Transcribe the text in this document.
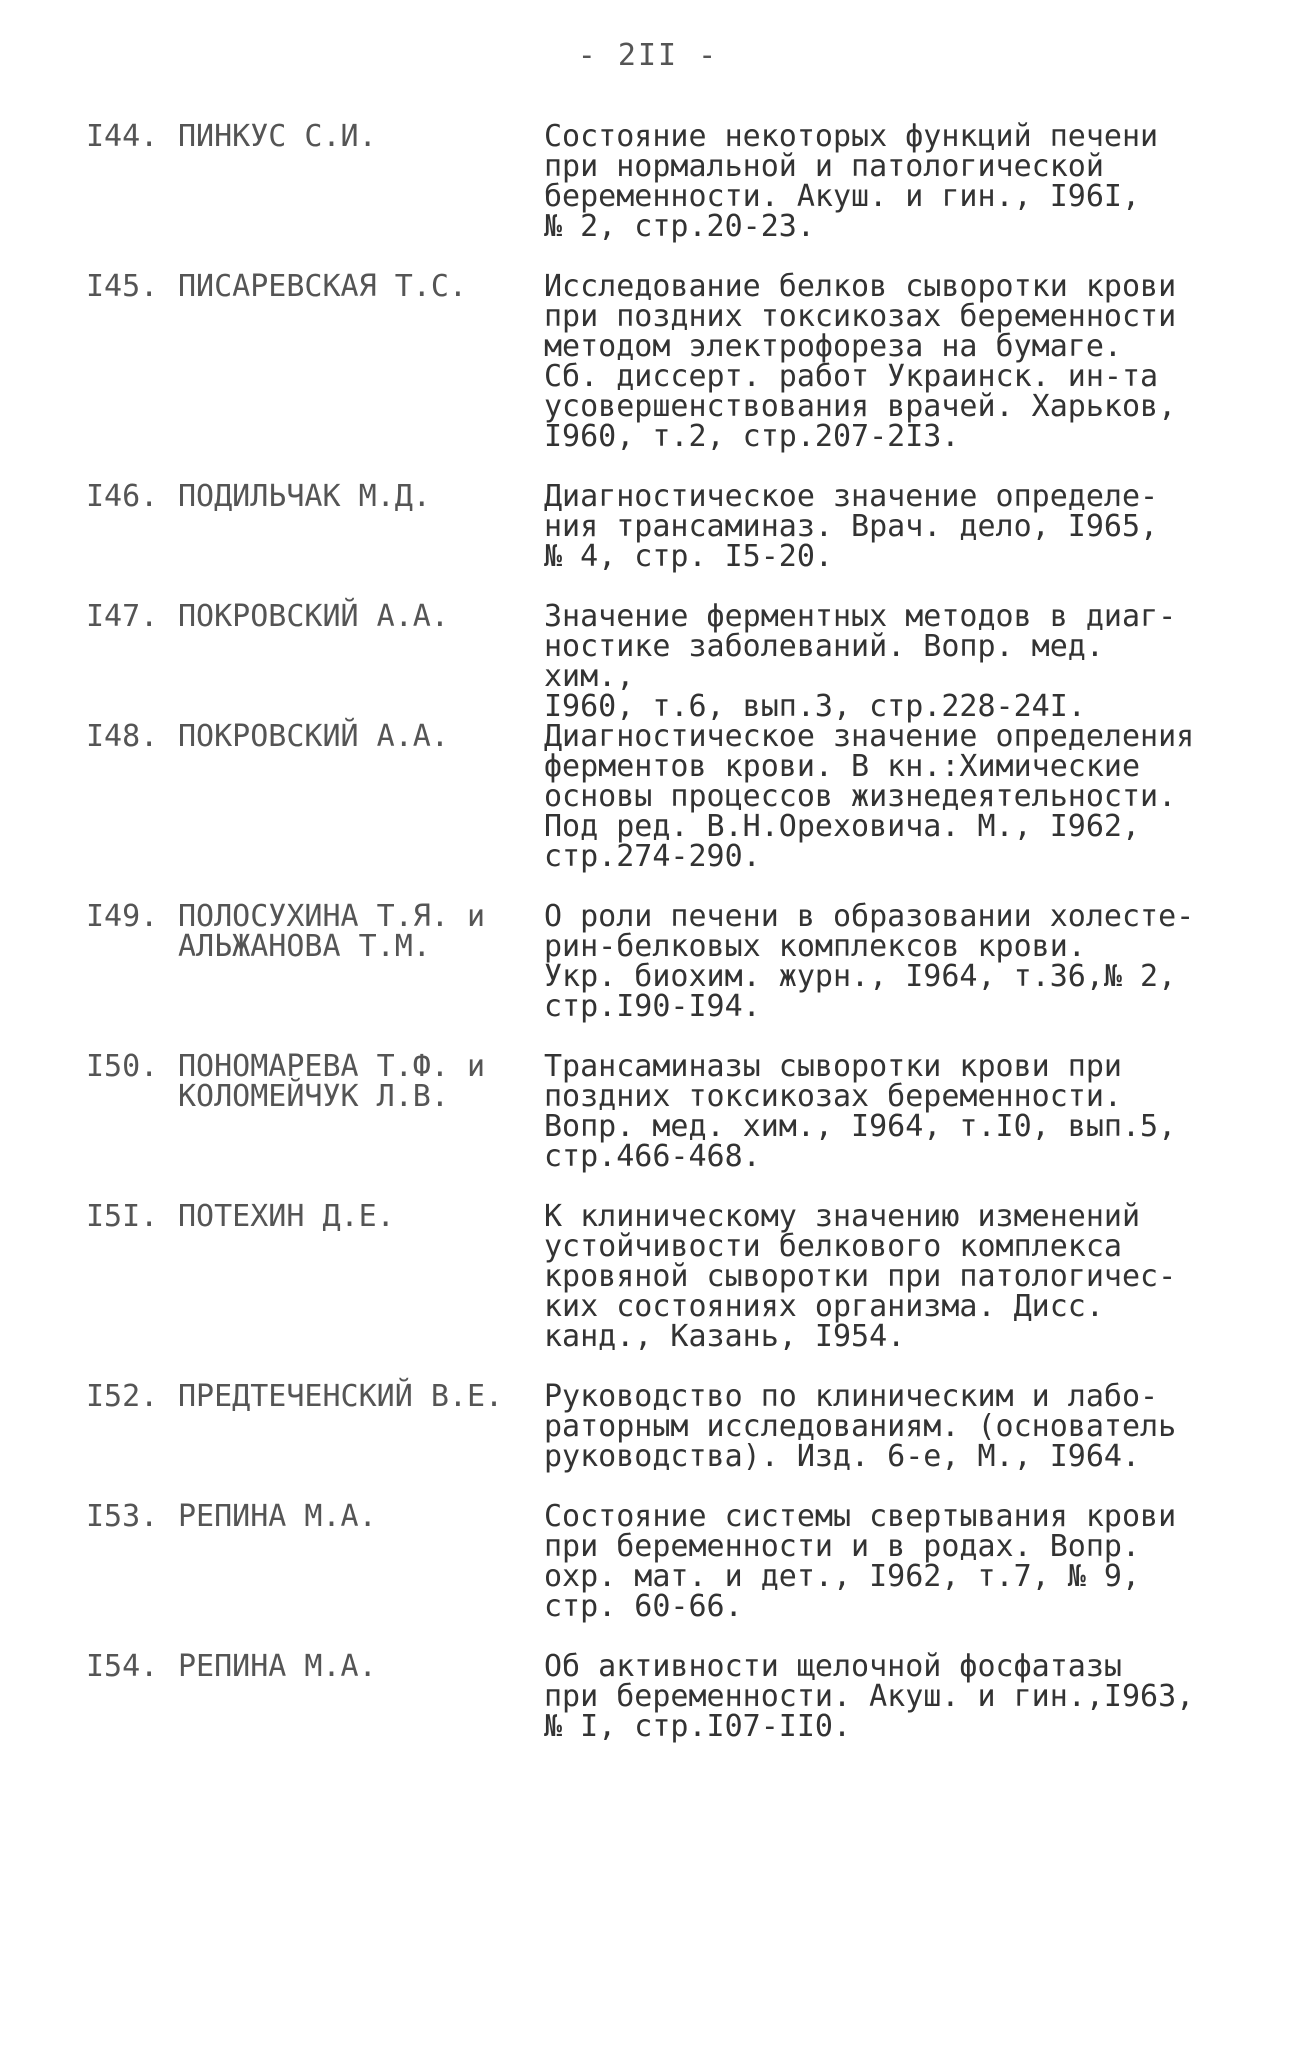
- 2II -
I44. ПИНКУС С.И.	Состояние некоторых функций печени
при нормальной и патологической
беременности. Акуш. и гин., I96I,
№ 2, стр.20-23.
I45. ПИСАРЕВСКАЯ Т.С.	Исследование белков сыворотки крови
при поздних токсикозах беременности
методом электрофореза на бумаге.
Сб. диссерт. работ Украинск. ин-та
усовершенствования врачей. Харьков,
I960, т.2, стр.207-2I3.
I46. ПОДИЛЬЧАК М.Д.	Диагностическое значение определе-
ния трансаминаз. Врач. дело, I965,
№ 4, стр. I5-20.
I47. ПОКРОВСКИЙ А.А.	Значение ферментных методов в диаг-
ностике заболеваний. Вопр. мед. хим.,
I960, т.6, вып.3, стр.228-24I.
I48. ПОКРОВСКИЙ А.А.	Диагностическое значение определения
ферментов крови. В кн.:Химические
основы процессов жизнедеятельности.
Под ред. В.Н.Ореховича. М., I962,
стр.274-290.
I49. ПОЛОСУХИНА Т.Я. и
АЛЬЖАНОВА Т.М.
О роли печени в образовании холесте-
рин-белковых комплексов крови.
Укр. биохим. журн., I964, т.36,№ 2,
стр.I90-I94.
I50. ПОНОМАРЕВА Т.Ф. и
КОЛОМЕЙЧУК Л.В.
Трансаминазы сыворотки крови при
поздних токсикозах беременности.
Вопр. мед. хим., I964, т.I0, вып.5,
стр.466-468.
I5I. ПОТЕХИН Д.Е.	К клиническому значению изменений
устойчивости белкового комплекса
кровяной сыворотки при патологичес-
ких состояниях организма. Дисс.
канд., Казань, I954.
I52. ПРЕДТЕЧЕНСКИЙ В.Е.	Руководство по клиническим и лабо-
раторным исследованиям. (основатель
руководства). Изд. 6-е, М., I964.
I53. РЕПИНА М.А.	Состояние системы свертывания крови
при беременности и в родах. Вопр.
охр. мат. и дет., I962, т.7, № 9,
стр. 60-66.
I54. РЕПИНА М.А.	Об активности щелочной фосфатазы
при беременности. Акуш. и гин.,I963,
№ I, стр.I07-II0.
